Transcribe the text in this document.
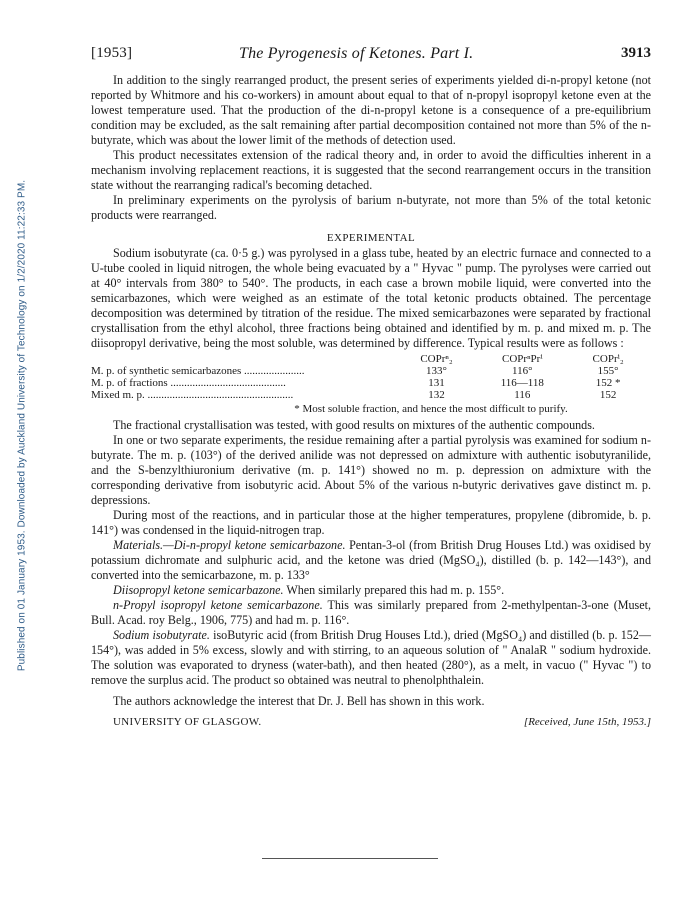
Published on 01 January 1953. Downloaded by Auckland University of Technology on 1/2/2020 11:22:33 PM.
[1953]	The Pyrogenesis of Ketones. Part I.	3913

In addition to the singly rearranged product, the present series of experiments yielded di-n-propyl ketone (not reported by Whitmore and his co-workers) in amount about equal to that of n-propyl isopropyl ketone even at the lowest temperature used. That the production of the di-n-propyl ketone is a consequence of a pre-equilibrium condition may be excluded, as the salt remaining after partial decomposition contained not more than 5% of the n-butyrate, which was about the lower limit of the methods of detection used.

This product necessitates extension of the radical theory and, in order to avoid the difficulties inherent in a mechanism involving replacement reactions, it is suggested that the second rearrangement occurs in the transition state without the rearranging radical's becoming detached.

In preliminary experiments on the pyrolysis of barium n-butyrate, not more than 5% of the total ketonic products were rearranged.

EXPERIMENTAL

Sodium isobutyrate (ca. 0·5 g.) was pyrolysed in a glass tube, heated by an electric furnace and connected to a U-tube cooled in liquid nitrogen, the whole being evacuated by a " Hyvac " pump. The pyrolyses were carried out at 40° intervals from 380° to 540°. The products, in each case a brown mobile liquid, were converted into the semicarbazones, which were weighed as an estimate of the total ketonic products obtained. The percentage decomposition was determined by titration of the residue. The mixed semicarbazones were separated by fractional crystallisation from the ethyl alcohol, three fractions being obtained and identified by m. p. and mixed m. p. The diisopropyl derivative, being the most soluble, was determined by difference. Typical results were as follows :

	COPrⁿ₂	COPrⁿPrⁱ	COPrⁱ₂
M. p. of synthetic semicarbazones ......................	133°	116°	155°
M. p. of fractions ..........................................	131	116—118	152 *
Mixed m. p. .....................................................	132	116	152

* Most soluble fraction, and hence the most difficult to purify.

The fractional crystallisation was tested, with good results on mixtures of the authentic compounds.

In one or two separate experiments, the residue remaining after a partial pyrolysis was examined for sodium n-butyrate. The m. p. (103°) of the derived anilide was not depressed on admixture with authentic isobutyranilide, and the S-benzylthiuronium derivative (m. p. 141°) showed no m. p. depression on admixture with the corresponding derivative from isobutyric acid. About 5% of the various n-butyric derivatives gave distinct m. p. depressions.

During most of the reactions, and in particular those at the higher temperatures, propylene (dibromide, b. p. 141°) was condensed in the liquid-nitrogen trap.

Materials.—Di-n-propyl ketone semicarbazone. Pentan-3-ol (from British Drug Houses Ltd.) was oxidised by potassium dichromate and sulphuric acid, and the ketone was dried (MgSO₄), distilled (b. p. 142—143°), and converted into the semicarbazone, m. p. 133°

Diisopropyl ketone semicarbazone. When similarly prepared this had m. p. 155°.

n-Propyl isopropyl ketone semicarbazone. This was similarly prepared from 2-methylpentan-3-one (Muset, Bull. Acad. roy Belg., 1906, 775) and had m. p. 116°.

Sodium isobutyrate. isoButyric acid (from British Drug Houses Ltd.), dried (MgSO₄) and distilled (b. p. 152—154°), was added in 5% excess, slowly and with stirring, to an aqueous solution of " AnalaR " sodium hydroxide. The solution was evaporated to dryness (water-bath), and then heated (280°), as a melt, in vacuo (" Hyvac ") to remove the surplus acid. The product so obtained was neutral to phenolphthalein.

The authors acknowledge the interest that Dr. J. Bell has shown in this work.

UNIVERSITY OF GLASGOW.	[Received, June 15th, 1953.]
